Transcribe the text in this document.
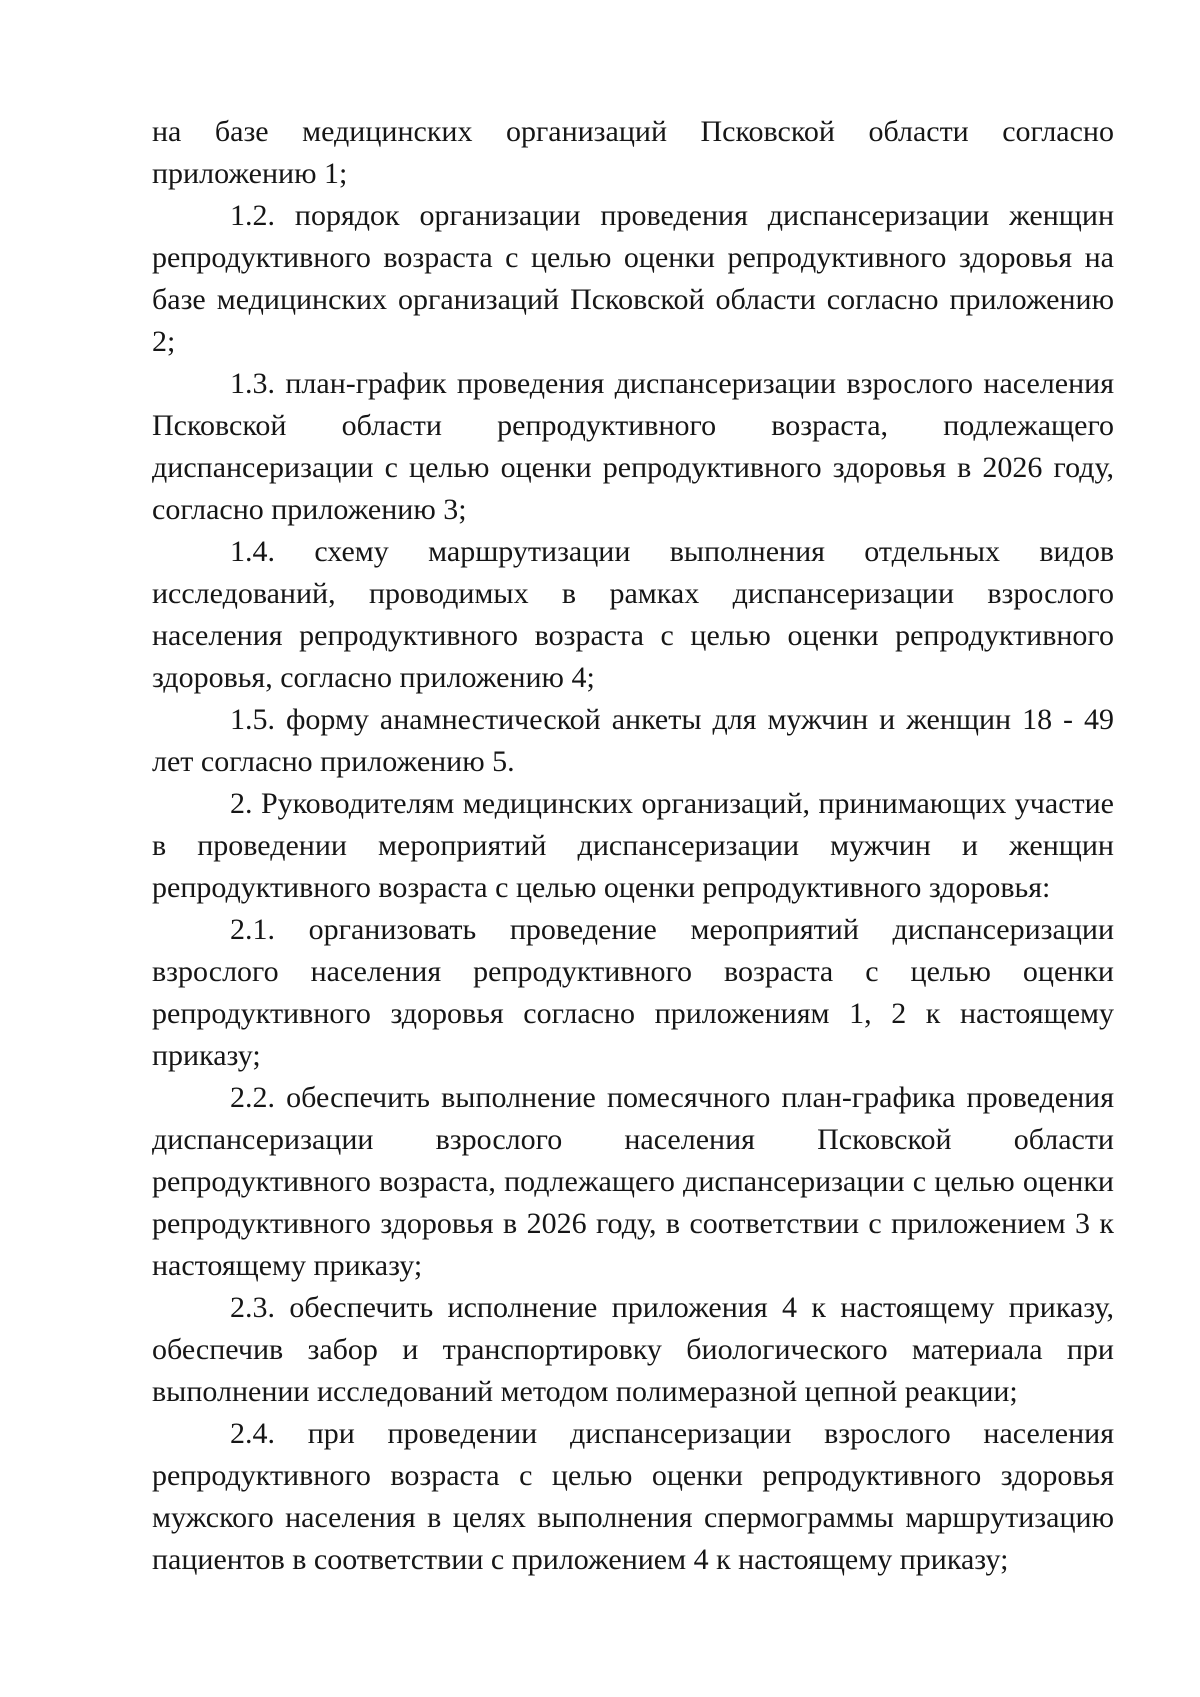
на базе медицинских организаций Псковской области согласно приложению 1;

1.2. порядок организации проведения диспансеризации женщин репродуктивного возраста с целью оценки репродуктивного здоровья на базе медицинских организаций Псковской области согласно приложению 2;

1.3. план-график проведения диспансеризации взрослого населения Псковской области репродуктивного возраста, подлежащего диспансеризации с целью оценки репродуктивного здоровья в 2026 году, согласно приложению 3;

1.4. схему маршрутизации выполнения отдельных видов исследований, проводимых в рамках диспансеризации взрослого населения репродуктивного возраста с целью оценки репродуктивного здоровья, согласно приложению 4;

1.5. форму анамнестической анкеты для мужчин и женщин 18 - 49 лет согласно приложению 5.

2. Руководителям медицинских организаций, принимающих участие в проведении мероприятий диспансеризации мужчин и женщин репродуктивного возраста с целью оценки репродуктивного здоровья:

2.1. организовать проведение мероприятий диспансеризации взрослого населения репродуктивного возраста с целью оценки репродуктивного здоровья согласно приложениям 1, 2 к настоящему приказу;

2.2. обеспечить выполнение помесячного план-графика проведения диспансеризации взрослого населения Псковской области репродуктивного возраста, подлежащего диспансеризации с целью оценки репродуктивного здоровья в 2026 году, в соответствии с приложением 3 к настоящему приказу;

2.3. обеспечить исполнение приложения 4 к настоящему приказу, обеспечив забор и транспортировку биологического материала при выполнении исследований методом полимеразной цепной реакции;

2.4. при проведении диспансеризации взрослого населения репродуктивного возраста с целью оценки репродуктивного здоровья мужского населения в целях выполнения спермограммы маршрутизацию пациентов в соответствии с приложением 4 к настоящему приказу;
